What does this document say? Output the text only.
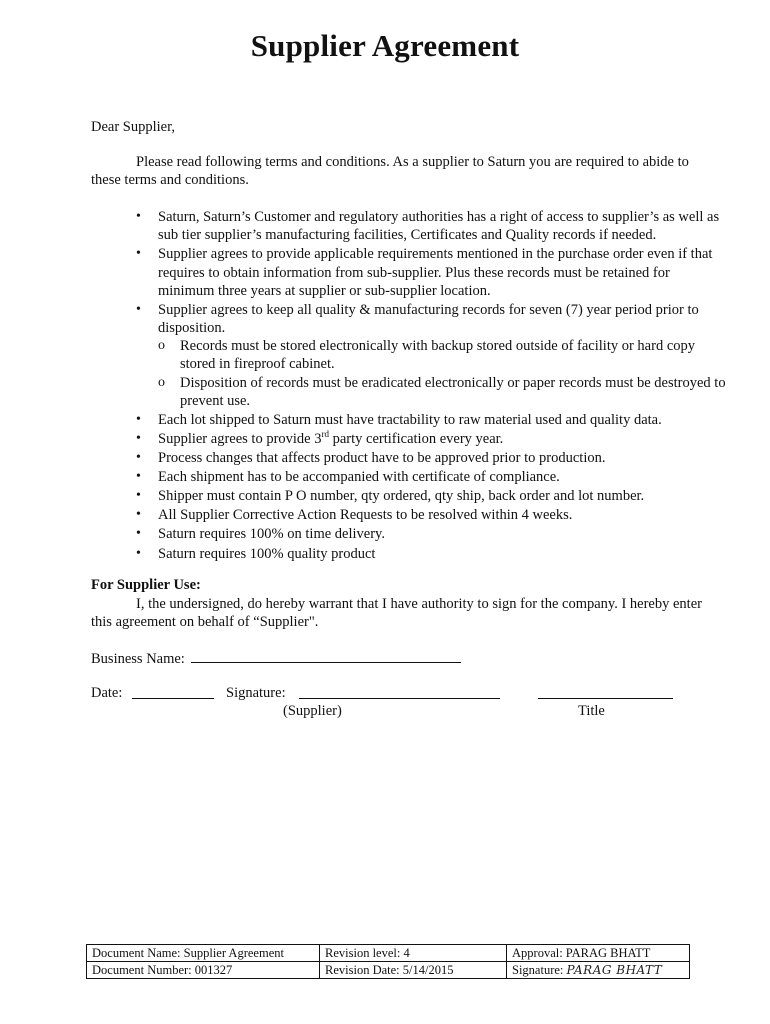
Supplier Agreement
Dear Supplier,
Please read following terms and conditions. As a supplier to Saturn you are required to abide to these terms and conditions.
• Saturn, Saturn’s Customer and regulatory authorities has a right of access to supplier’s as well as sub tier supplier’s manufacturing facilities, Certificates and Quality records if needed.
• Supplier agrees to provide applicable requirements mentioned in the purchase order even if that requires to obtain information from sub-supplier. Plus these records must be retained for minimum three years at supplier or sub-supplier location.
• Supplier agrees to keep all quality & manufacturing records for seven (7) year period prior to disposition.
o Records must be stored electronically with backup stored outside of facility or hard copy stored in fireproof cabinet.
o Disposition of records must be eradicated electronically or paper records must be destroyed to prevent use.
• Each lot shipped to Saturn must have tractability to raw material used and quality data.
• Supplier agrees to provide 3rd party certification every year.
• Process changes that affects product have to be approved prior to production.
• Each shipment has to be accompanied with certificate of compliance.
• Shipper must contain P O number, qty ordered, qty ship, back order and lot number.
• All Supplier Corrective Action Requests to be resolved within 4 weeks.
• Saturn requires 100% on time delivery.
• Saturn requires 100% quality product
For Supplier Use:
I, the undersigned, do hereby warrant that I have authority to sign for the company. I hereby enter this agreement on behalf of “Supplier".
Business Name:
Date:	Signature:
(Supplier)	Title
Document Name: Supplier Agreement	Revision level: 4	Approval: PARAG BHATT
Document Number: 001327	Revision Date: 5/14/2015	Signature: PARAG BHATT
